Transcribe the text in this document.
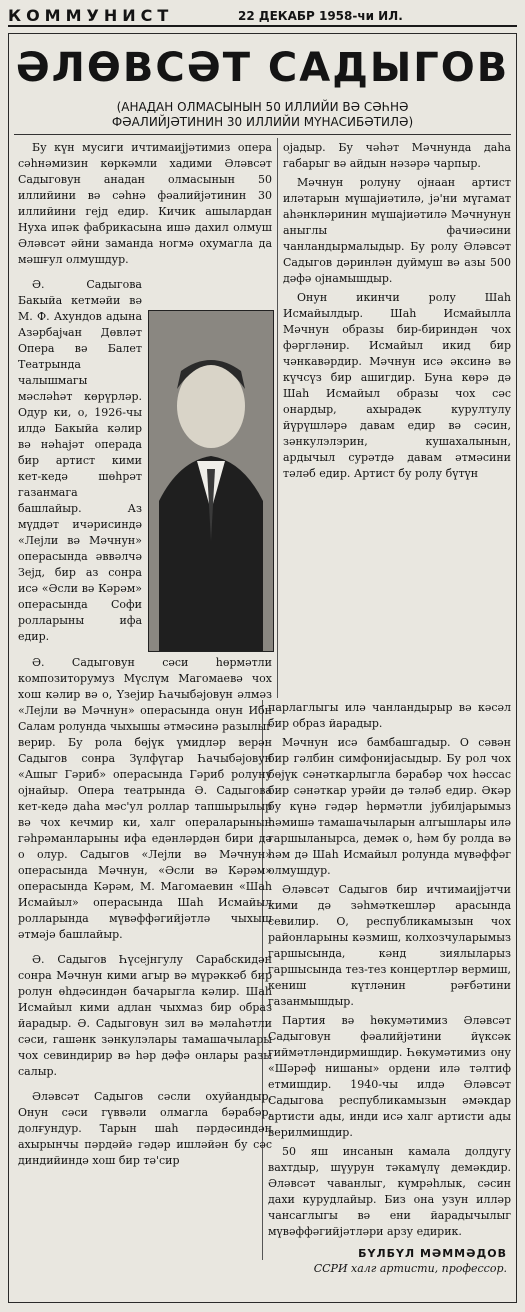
КОММУНИСТ	22 ДЕКАБР 1958-чи ИЛ.
ӘЛӨВСӘТ САДЫГОВ
(АНАДАН ОЛМАСЫНЫН 50 ИЛЛИЙИ ВӘ СӘҺНӘ
ФӘАЛИЙЈӘТИНИН 30 ИЛЛИЙИ МҮНАСИБӘТИЛӘ)

Бу күн мусиги ичтимаијјәтимиз опера сәһнәмизин көркәмли хадими Әләвсәт Садыговун анадан олмасынын 50 иллийини вә сәһнә фәалийјәтинин 30 иллийини гејд едир. Кичик ашылардан Нуха ипәк фабрикасына ишә дахил олмуш Әләвсәт әйни заманда ногмә охумагла да мәшғул олмушдур.

Ә. Садыгова Бакыйа кетмәйи вә М. Ф. Ахундов адына Азәрбајҹан Дөвләт Опера вә Балет Театрында чалышмагы мәсләһәт көрүрләр. Одур ки, о, 1926-чы илдә Бакыйа кәлир вә нәһајәт операда бир артист кими кет-кедә шөһрәт газанмага башлайыр. Аз мүддәт ичәрисиндә «Лејли вә Мәчнун» операсында әввәлчә Зејд, бир аз сонра исә «Әсли вә Кәрәм» операсында Софи ролларыны ифа едир.

Ә. Садыговун сәси һөрмәтли композиторумуз Мүслүм Магомаевә чох хош кәлир вә о, Үзејир Һачыбәјовун әлмәз «Лејли вә Мәчнун» операсында онун Ибн Салам ролунда чыхышы әтмәсинә разылыг верир. Бу рола бөјүк үмидләр верән Садыгов сонра Зүлфүгар Һачыбәјовун «Ашыг Гәриб» операсында Гәриб ролуну ојнайыр. Опера театрында Ә. Садыгова кет-кедә даһа мәс'ул роллар тапшырылыр вә чох кечмир ки, халг операларынын гәһрәманларыны ифа едәнләрдән бири дә о олур. Садыгов «Лејли вә Мәчнун» операсында Мәчнун, «Әсли вә Кәрәм» операсында Кәрәм, М. Магомаевин «Шаһ Исмайыл» операсында Шаһ Исмайыл ролларында мүвәффәгийјәтлә чыхыш әтмәјә башлайыр.

Ә. Садыгов Һүсејнгулу Сарабскидән сонра Мәчнун кими агыр вә мүрәккәб бир ролун өһдәсиндән бачарыгла кәлир. Шаһ Исмайыл кими адлан чыхмаз бир образ йарадыр. Ә. Садыговун зил вә мәлаһәтли сәси, гашәнк зәнкулэлары тамашачылары чох севиндирир вә һәр дәфә онлары разы салыр.

Әләвсәт Садыгов сәсли охуйандыр. Онун сәси гүввәли олмагла бәрабәр, долғундур. Тарын шаһ пәрдәсиндән ахырынчы пәрдәйә гәдәр ишләйән бу сәс диндийиндә хош бир тә'сир

ојадыр. Бу чәһәт Мәчнунда даһа габарыг вә айдын нәзәрә чарпыр.

Мәчнун ролуну ојнаан артист иләтарын мүшајиәтилә, јә'ни мүгамат аһәнкләринин мүшајиәтилә Мәчнунун аныглы фачиәсини чанландырмалыдыр. Бу ролу Әләвсәт Садыгов дәринлән дуймуш вә азы 500 дәфә ојнамышдыр.

Онун икинчи ролу Шаһ Исмайылдыр. Шаһ Исмайылла Мәчнун образы бир-бириндән чох фәргләнир. Исмайыл икид бир чәнкавәрдир. Мәчнун исә әксинә вә күчсүз бир ашигдир. Буна көрә дә Шаһ Исмайыл образы чох сәс онардыр, ахырадәк курултулу йүрүшләрә давам едир вә сәсин, зәнкулэлэрин, кушахалынын, ардычыл сурәтдә давам әтмәсини тәләб едир. Артист бу ролу бүтүн

парлаглыгы илә чанландырыр вә кәсәл бир образ йарадыр.

Мәчнун исә бамбашгадыр. О сәвән бир гәлбин симфонијасыдыр. Бу рол чох бөјүк сәнәткарлыгла бәрабәр чох һәссас бир сәнәткар урәйи дә тәләб едир. Әкәр бу күнә гәдәр һөрмәтли јубилјарымыз һәмишә тамашачыларын алгышлары илә гаршыланырса, демәк о, һәм бу ролда вә һәм дә Шаһ Исмайыл ролунда мүвәффәг олмушдур.

Әләвсәт Садыгов бир ичтимаијјәтчи кими дә зәһмәткешләр арасында севилир. О, республикамызын чох районларыны кәзмиш, колхозчуларымыз гаршысында, кәнд зиялыларыз гаршысында тез-тез концертләр вермиш, кениш күтләнин рәғбәтини газанмышдыр.

Партия вә һөкумәтимиз Әләвсәт Садыговун фәалийјәтини йүксәк гиймәтләндирмишдир. Һөкумәтимиз ону «Шәрәф нишаны» ордени илә тәлтиф етмишдир. 1940-чы илдә Әләвсәт Садыгова республикамызын әмәкдар артисти ады, инди исә халг артисти ады верилмишдир.

50 яш инсанын камала долдугу вахтдыр, шүурун тәкамүлү демәкдир. Әләвсәт чаванлыг, күмрәһлык, сәсин дахи курудлайыр. Биз она узун илләр чансаглыгы вә ени йарадычылыг мүвәффәгийјәтләри арзу едирик.

БҮЛБҮЛ МӘММӘДОВ
ССРИ халг артисти, профессор.
